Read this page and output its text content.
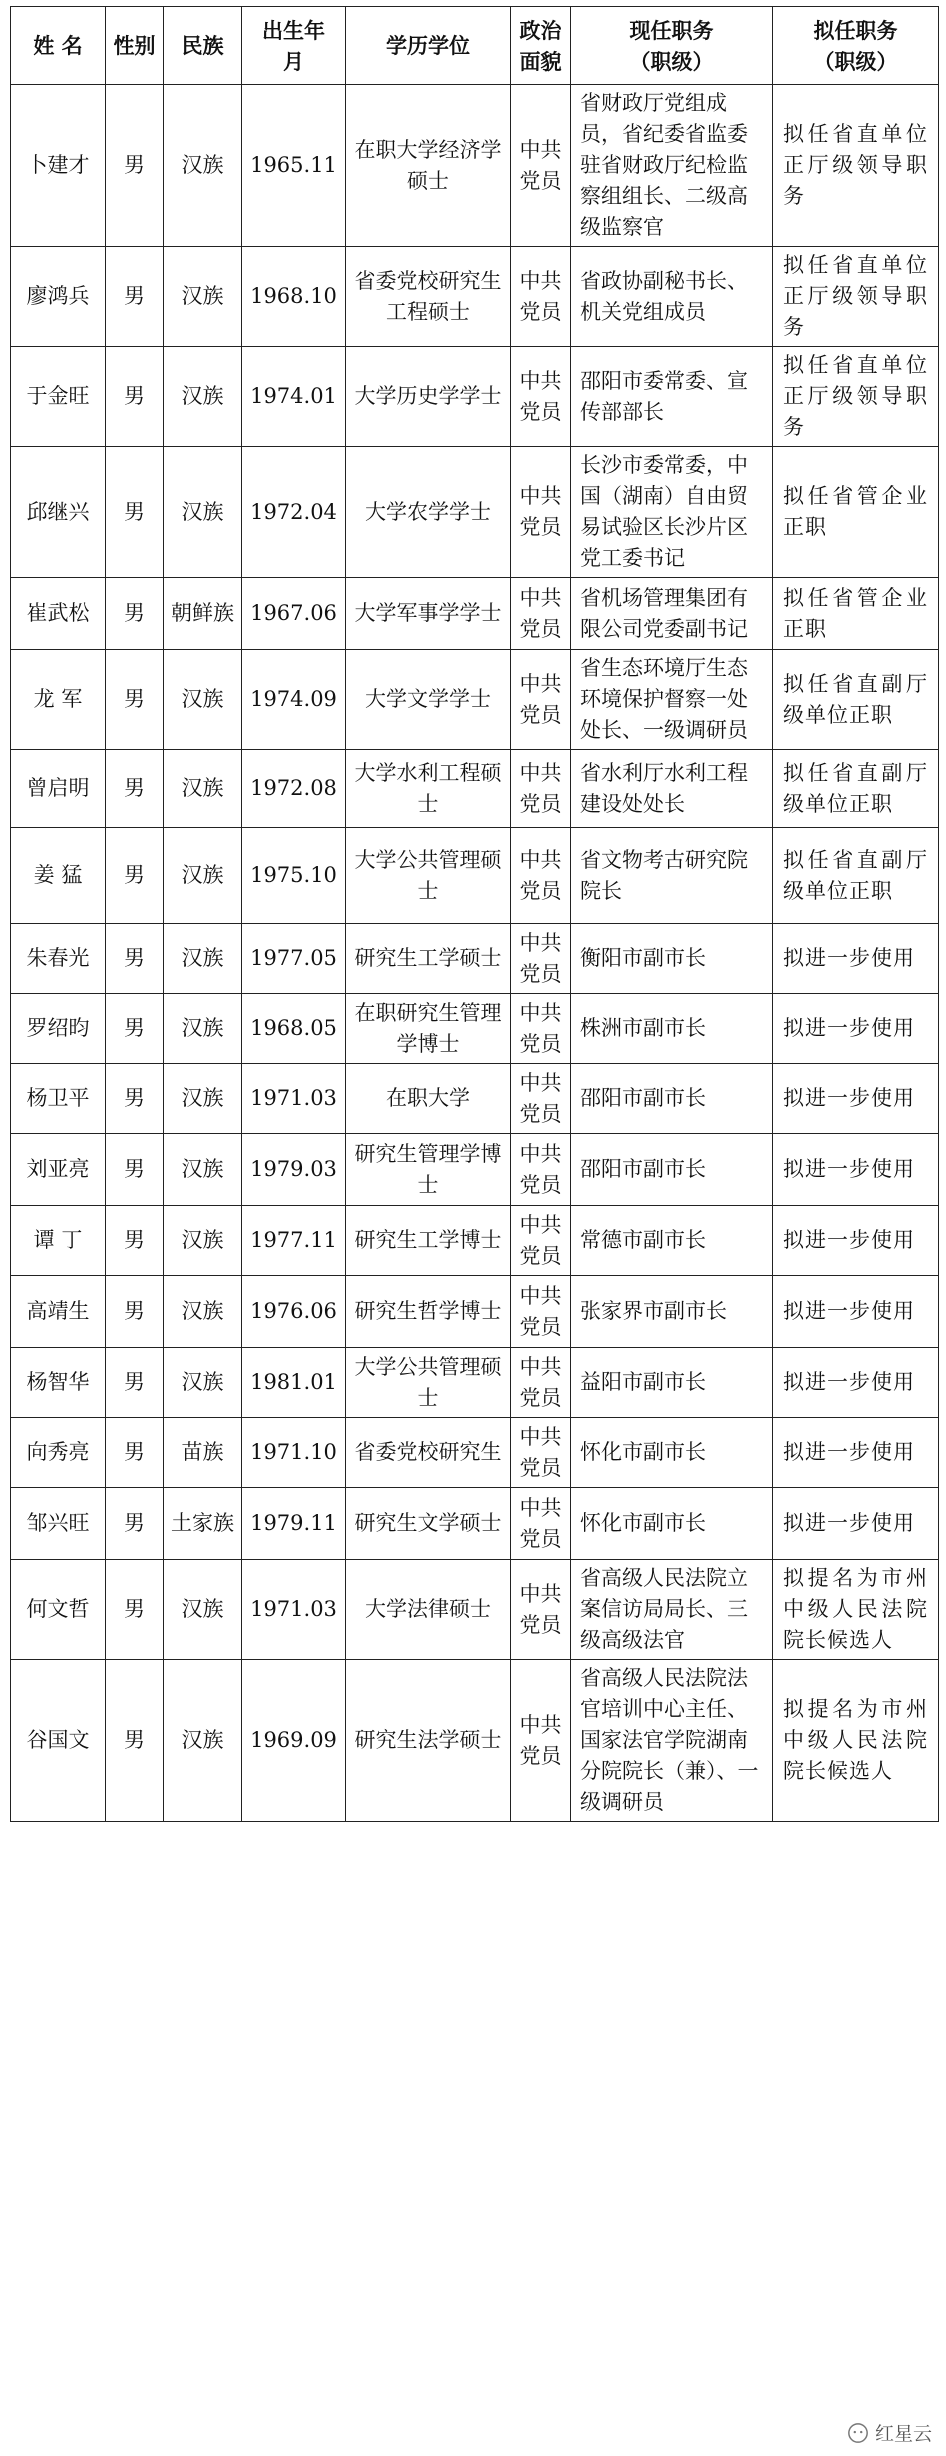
姓 名	性别	民族	出生年月	学历学位	政治面貌	现任职务（职级）	拟任职务（职级）
卜建才	男	汉族	1965.11	在职大学经济学硕士	中共党员	省财政厅党组成员，省纪委省监委驻省财政厅纪检监察组组长、二级高级监察官	拟任省直单位正厅级领导职务
廖鸿兵	男	汉族	1968.10	省委党校研究生工程硕士	中共党员	省政协副秘书长、机关党组成员	拟任省直单位正厅级领导职务
于金旺	男	汉族	1974.01	大学历史学学士	中共党员	邵阳市委常委、宣传部部长	拟任省直单位正厅级领导职务
邱继兴	男	汉族	1972.04	大学农学学士	中共党员	长沙市委常委，中国（湖南）自由贸易试验区长沙片区党工委书记	拟任省管企业正职
崔武松	男	朝鲜族	1967.06	大学军事学学士	中共党员	省机场管理集团有限公司党委副书记	拟任省管企业正职
龙 军	男	汉族	1974.09	大学文学学士	中共党员	省生态环境厅生态环境保护督察一处处长、一级调研员	拟任省直副厅级单位正职
曾启明	男	汉族	1972.08	大学水利工程硕士	中共党员	省水利厅水利工程建设处处长	拟任省直副厅级单位正职
姜 猛	男	汉族	1975.10	大学公共管理硕士	中共党员	省文物考古研究院院长	拟任省直副厅级单位正职
朱春光	男	汉族	1977.05	研究生工学硕士	中共党员	衡阳市副市长	拟进一步使用
罗绍昀	男	汉族	1968.05	在职研究生管理学博士	中共党员	株洲市副市长	拟进一步使用
杨卫平	男	汉族	1971.03	在职大学	中共党员	邵阳市副市长	拟进一步使用
刘亚亮	男	汉族	1979.03	研究生管理学博士	中共党员	邵阳市副市长	拟进一步使用
谭 丁	男	汉族	1977.11	研究生工学博士	中共党员	常德市副市长	拟进一步使用
高靖生	男	汉族	1976.06	研究生哲学博士	中共党员	张家界市副市长	拟进一步使用
杨智华	男	汉族	1981.01	大学公共管理硕士	中共党员	益阳市副市长	拟进一步使用
向秀亮	男	苗族	1971.10	省委党校研究生	中共党员	怀化市副市长	拟进一步使用
邹兴旺	男	土家族	1979.11	研究生文学硕士	中共党员	怀化市副市长	拟进一步使用
何文哲	男	汉族	1971.03	大学法律硕士	中共党员	省高级人民法院立案信访局局长、三级高级法官	拟提名为市州中级人民法院院长候选人
谷国文	男	汉族	1969.09	研究生法学硕士	中共党员	省高级人民法院法官培训中心主任、国家法官学院湖南分院院长（兼）、一级调研员	拟提名为市州中级人民法院院长候选人
红星云
